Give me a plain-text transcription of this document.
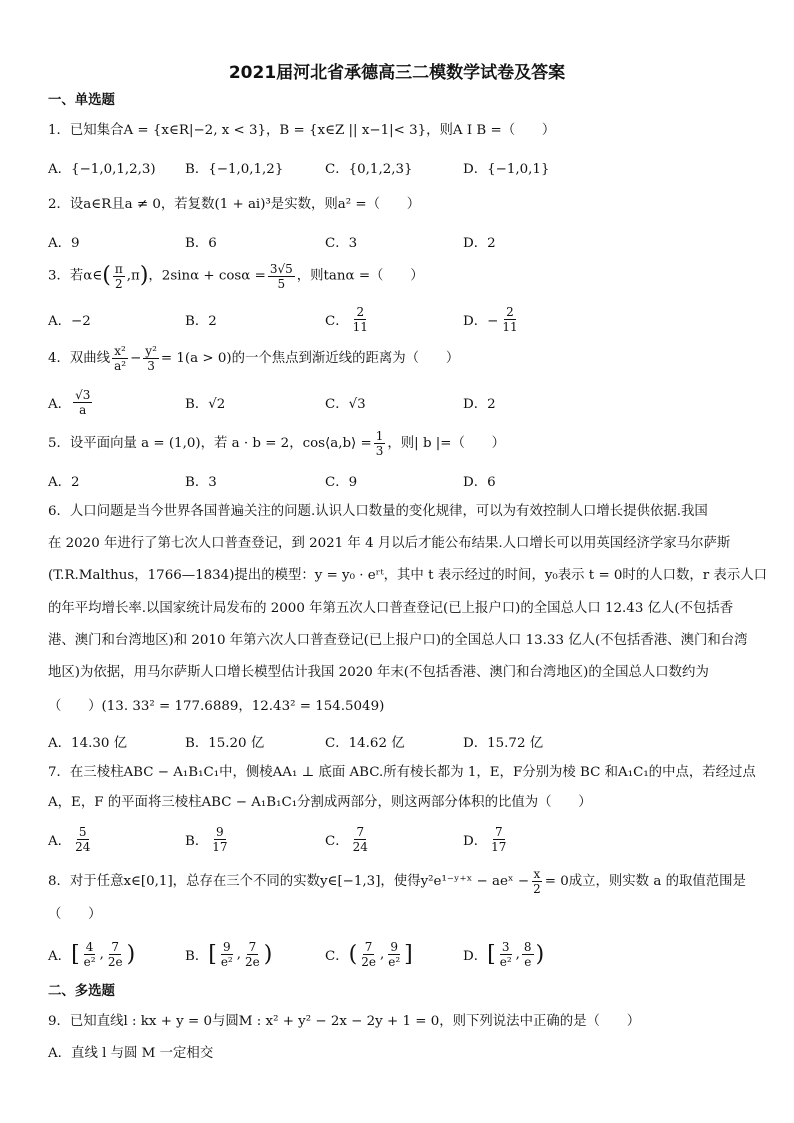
2021届河北省承德高三二模数学试卷及答案
一、单选题
1．已知集合A = {x∈R|−2‚ x < 3}，B = {x∈Z || x−1|< 3}，则A I B =（　　）
A．{−1,0,1,2,3) B．{−1,0,1,2}	C．{0,1,2,3}	D．{−1,0,1}
2．设a∈R且a ≠ 0，若复数(1 + ai)³是实数，则a² =（　　）
A．9	B．6	C．3	D．2
3．若α∈( $\frac{\pi}{2} ,\pi$)，$2\sin\alpha + \cos\alpha = \frac{3√5}{5}$ ，则tanα =（　　）
A．−2	B．2	C． $\frac{2}{11}$	D．− $\frac{2}{11}$
4．双曲线 $\frac{\text{x²}}{\text{a²}} - \frac{\text{y²}}{3} = 1(a > 0)$的一个焦点到渐近线的距离为（　　）
A． $\frac{√3}{a}$	B．√2	C．√3	D．2
5．设平面向量 a = (1,0)，若 a · b = 2，cos⟨a,b⟩ = $\frac{1}{3}$ ，则| b |=（　　）
A．2	B．3	C．9	D．6
6．人口问题是当今世界各国普遍关注的问题.认识人口数量的变化规律，可以为有效控制人口增长提供依据.我国
在 2020 年进行了第七次人口普查登记，到 2021 年 4 月以后才能公布结果.人口增长可以用英国经济学家马尔萨斯
(T.R.Malthus，1766—1834)提出的模型：y = y₀ · eʳᵗ，其中 t 表示经过的时间，y₀表示 t = 0时的人口数，r 表示人口
的年平均增长率.以国家统计局发布的 2000 年第五次人口普查登记(已上报户口)的全国总人口 12.43 亿人(不包括香
港、澳门和台湾地区)和 2010 年第六次人口普查登记(已上报户口)的全国总人口 13.33 亿人(不包括香港、澳门和台湾
地区)为依据，用马尔萨斯人口增长模型估计我国 2020 年末(不包括香港、澳门和台湾地区)的全国总人口数约为
（　　）(13. 33² = 177.6889，12.43² = 154.5049)
A．14.30 亿	B．15.20 亿	C．14.62 亿	D．15.72 亿
7．在三棱柱ABC − A₁B₁C₁中，侧棱AA₁ ⊥ 底面 ABC.所有棱长都为 1，E，F分别为棱 BC 和A₁C₁的中点，若经过点
A，E，F 的平面将三棱柱ABC − A₁B₁C₁分割成两部分，则这两部分体积的比值为（　　）
A． $\frac{5}{24}$	B． $\frac{9}{17}$	C． $\frac{7}{24}$	D． $\frac{7}{17}$
8．对于任意x∈[0,1]，总存在三个不同的实数y∈[−1,3]，使得y²e¹⁻ʸ⁺ˣ − aeˣ − $\frac{x}{2} = 0$成立，则实数 a 的取值范围是
（　　）
A． [ $\frac{4}{\text{e²}}$ , $\frac{7}{2e}$ )	B． [ $\frac{9}{\text{e²}}$ , $\frac{7}{2e}$ )	C． ( $\frac{7}{2e}$ , $\frac{9}{\text{e²}}$ ]	D． [ $\frac{3}{\text{e²}}$ , $\frac{8}{e}$ )
二、多选题
9．已知直线l : kx + y = 0与圆M : x² + y² − 2x − 2y + 1 = 0，则下列说法中正确的是（　　）
A．直线 l 与圆 M 一定相交
